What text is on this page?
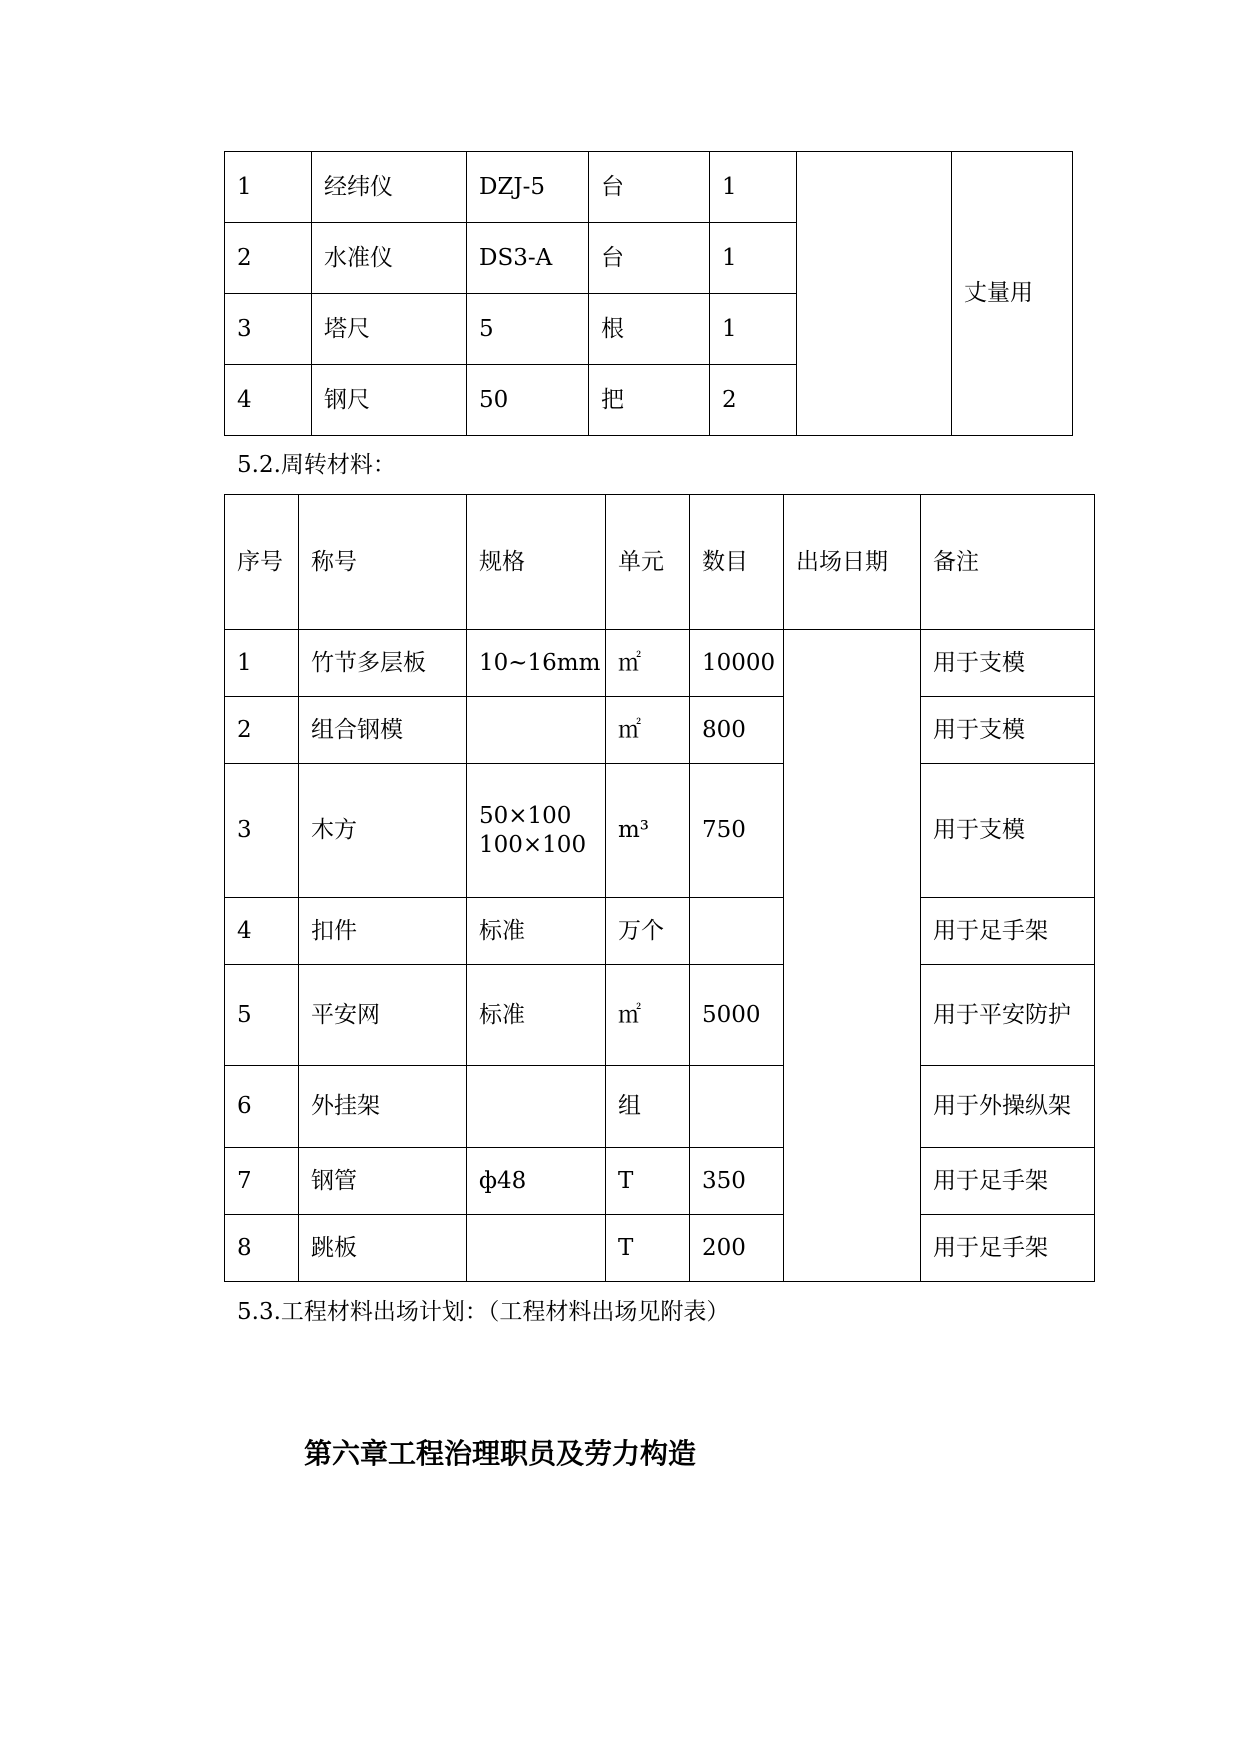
1	经纬仪	DZJ-5	台	1		丈量用
2	水准仪	DS3-A	台	1		
3	塔尺	5	根	1		
4	钢尺	50	把	2		
5.2.周转材料：
序号	称号	规格	单元	数目	出场日期	备注
1	竹节多层板	10~16mm	㎡	10000		用于支模
2	组合钢模		㎡	800		用于支模
3	木方	50×100
100×100	m³	750		用于支模
4	扣件	标准	万个			用于足手架
5	平安网	标准	㎡	5000		用于平安防护
6	外挂架		组			用于外操纵架
7	钢管	ф48	T	350		用于足手架
8	跳板		T	200		用于足手架
5.3.工程材料出场计划：（工程材料出场见附表）
第六章工程治理职员及劳力构造
